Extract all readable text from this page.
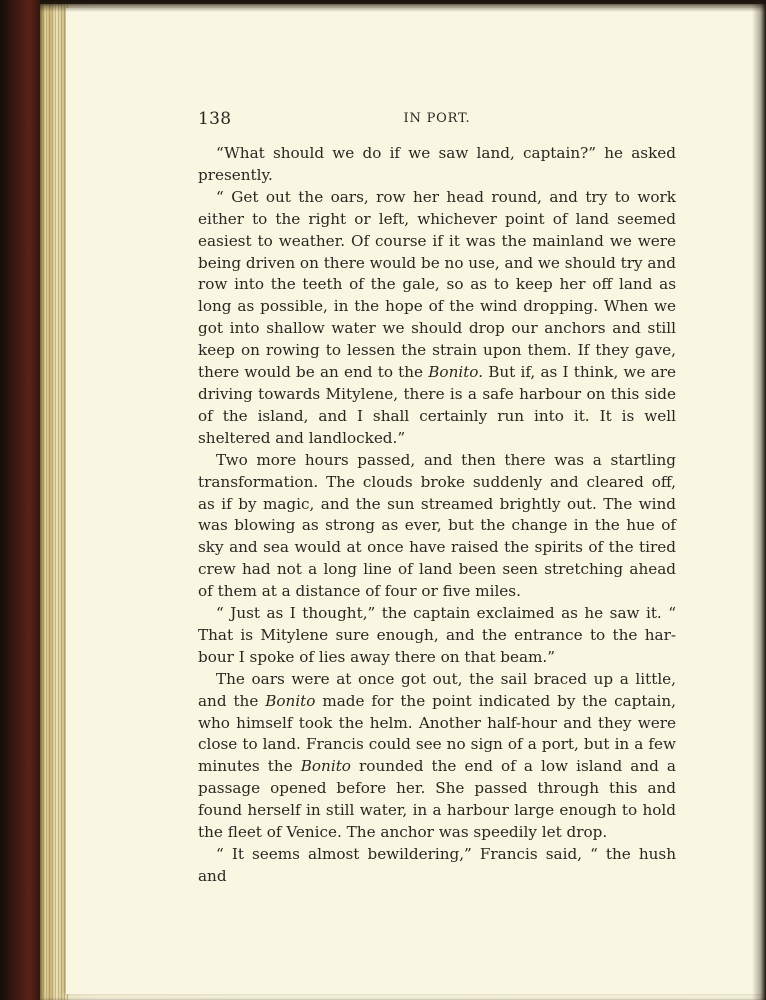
138	IN PORT.

“What should we do if we saw land, captain?” he asked presently.

“ Get out the oars, row her head round, and try to work either to the right or left, whichever point of land seemed easiest to weather. Of course if it was the mainland we were being driven on there would be no use, and we should try and row into the teeth of the gale, so as to keep her off land as long as possible, in the hope of the wind dropping. When we got into shallow water we should drop our anchors and still keep on rowing to lessen the strain upon them. If they gave, there would be an end to the Bonito. But if, as I think, we are driving towards Mitylene, there is a safe harbour on this side of the island, and I shall certainly run into it. It is well sheltered and landlocked.”

Two more hours passed, and then there was a startling transformation. The clouds broke suddenly and cleared off, as if by magic, and the sun streamed brightly out. The wind was blowing as strong as ever, but the change in the hue of sky and sea would at once have raised the spirits of the tired crew had not a long line of land been seen stretching ahead of them at a distance of four or five miles.

“ Just as I thought,” the captain exclaimed as he saw it. “ That is Mitylene sure enough, and the entrance to the harbour I spoke of lies away there on that beam.”

The oars were at once got out, the sail braced up a little, and the Bonito made for the point indicated by the captain, who himself took the helm. Another half-hour and they were close to land. Francis could see no sign of a port, but in a few minutes the Bonito rounded the end of a low island and a passage opened before her. She passed through this and found herself in still water, in a harbour large enough to hold the fleet of Venice. The anchor was speedily let drop.

“ It seems almost bewildering,” Francis said, “ the hush and
